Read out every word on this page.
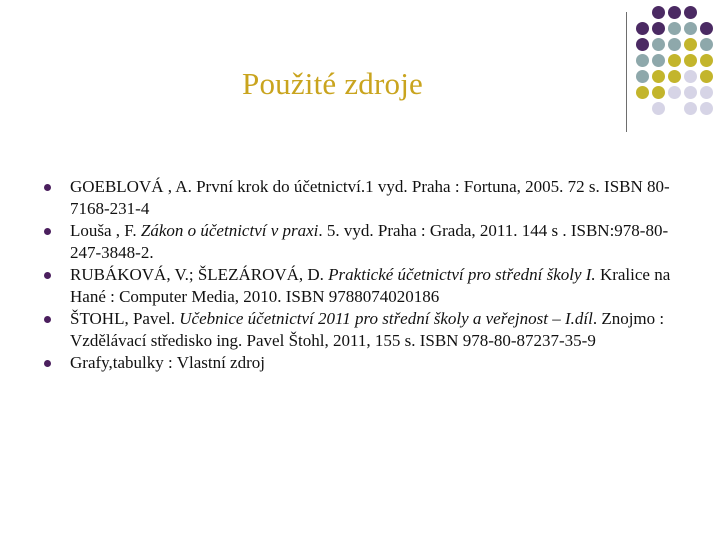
Použité zdroje
GOEBLOVÁ , A. První krok do účetnictví.1 vyd. Praha : Fortuna, 2005. 72 s. ISBN 80-7168-231-4
Louša , F. Zákon o účetnictví v praxi. 5. vyd. Praha : Grada, 2011. 144 s . ISBN:978-80-247-3848-2.
RUBÁKOVÁ, V.; ŠLEZÁROVÁ, D. Praktické účetnictví pro střední školy I. Kralice na Hané : Computer Media, 2010. ISBN 9788074020186
ŠTOHL, Pavel. Učebnice účetnictví 2011 pro střední školy a veřejnost – I.díl. Znojmo : Vzdělávací středisko ing. Pavel Štohl, 2011, 155 s. ISBN 978-80-87237-35-9
Grafy,tabulky : Vlastní zdroj
